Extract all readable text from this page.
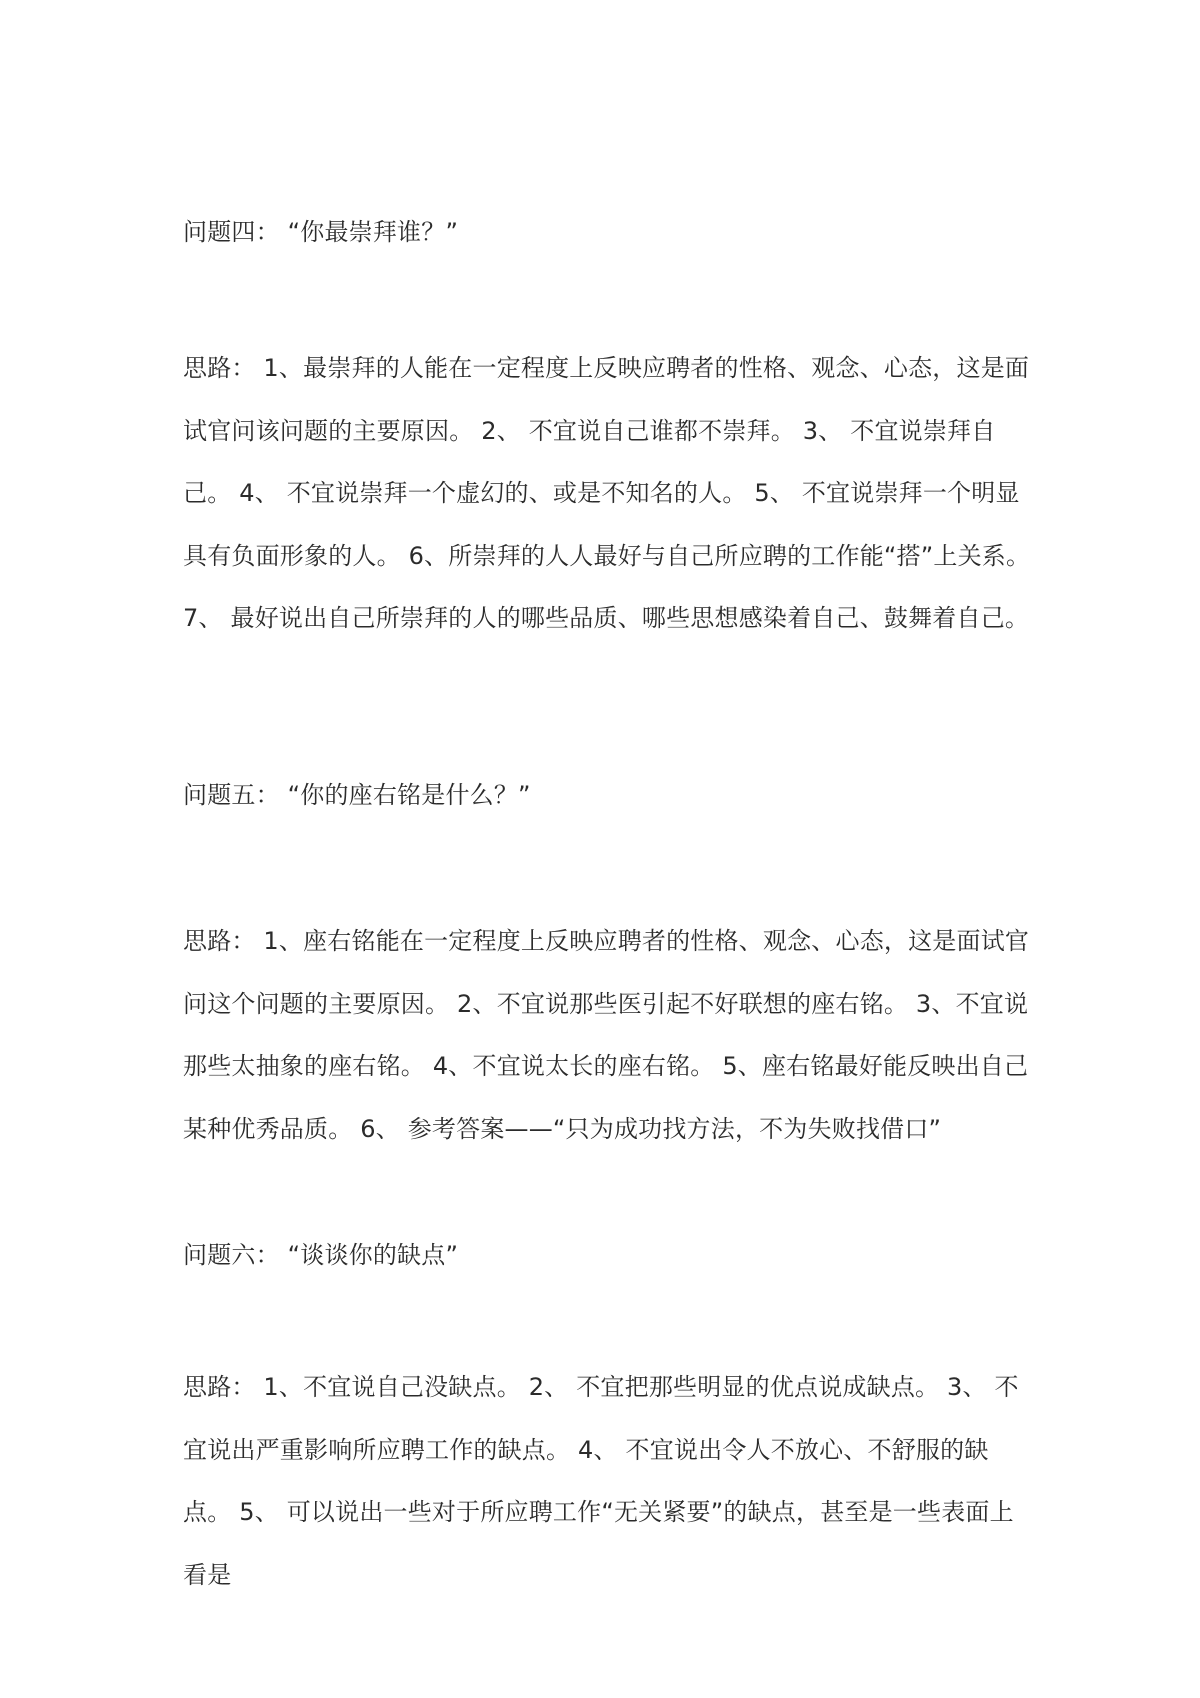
问题四： “你最崇拜谁？”

思路： 1、最崇拜的人能在一定程度上反映应聘者的性格、观念、心态，这是面试官问该问题的主要原因。 2、 不宜说自己谁都不崇拜。 3、 不宜说崇拜自己。 4、 不宜说崇拜一个虚幻的、或是不知名的人。 5、 不宜说崇拜一个明显具有负面形象的人。 6、所崇拜的人人最好与自己所应聘的工作能“搭”上关系。 7、 最好说出自己所崇拜的人的哪些品质、哪些思想感染着自己、鼓舞着自己。

问题五： “你的座右铭是什么？”

思路： 1、座右铭能在一定程度上反映应聘者的性格、观念、心态，这是面试官问这个问题的主要原因。 2、不宜说那些医引起不好联想的座右铭。 3、不宜说那些太抽象的座右铭。 4、不宜说太长的座右铭。 5、座右铭最好能反映出自己某种优秀品质。 6、 参考答案——“只为成功找方法，不为失败找借口”

问题六： “谈谈你的缺点”

思路： 1、不宜说自己没缺点。 2、 不宜把那些明显的优点说成缺点。 3、 不宜说出严重影响所应聘工作的缺点。 4、 不宜说出令人不放心、不舒服的缺点。 5、 可以说出一些对于所应聘工作“无关紧要”的缺点，甚至是一些表面上看是
